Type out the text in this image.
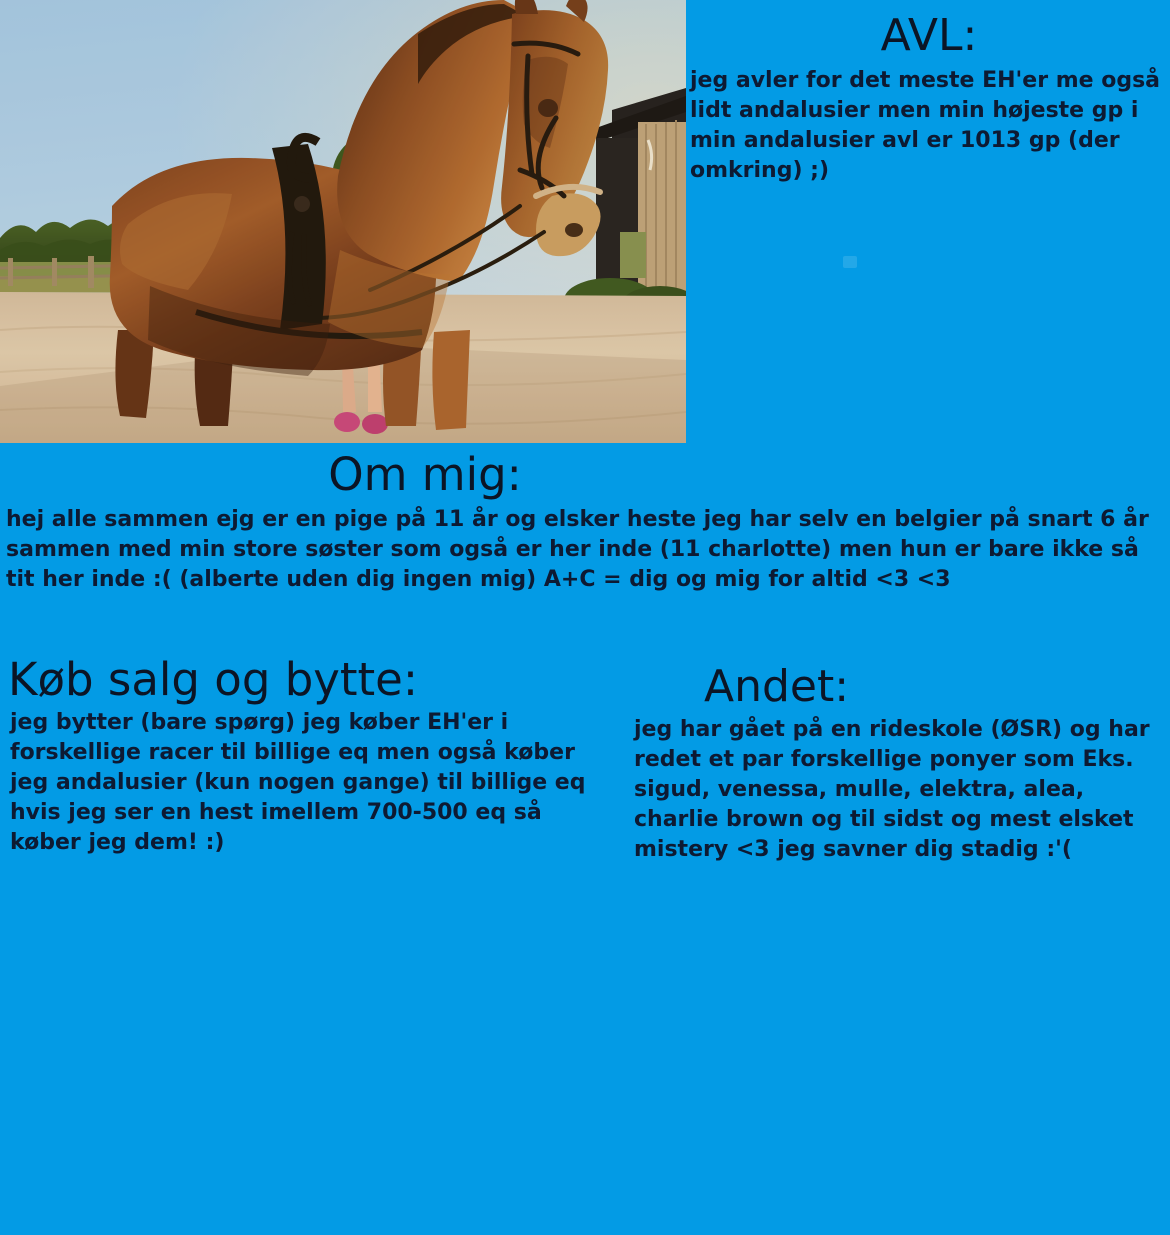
AVL:
jeg avler for det meste EH'er me også lidt andalusier men min højeste gp i min andalusier avl er 1013 gp (der omkring) ;)
Om mig:
hej alle sammen ejg er en pige på 11 år og elsker heste jeg har selv en belgier på snart 6 år sammen med min store søster som også er her inde (11 charlotte) men hun er bare ikke så tit her inde :( (alberte uden dig ingen mig) A+C = dig og mig for altid <3 <3
Køb salg og bytte:
jeg bytter (bare spørg) jeg køber EH'er i forskellige racer til billige eq men også køber jeg andalusier (kun nogen gange) til billige eq hvis jeg ser en hest imellem 700-500 eq så køber jeg dem! :)
Andet:
jeg har gået på en rideskole (ØSR) og har redet et par forskellige ponyer som Eks. sigud, venessa, mulle, elektra, alea, charlie brown og til sidst og mest elsket mistery <3 jeg savner dig stadig :'(
